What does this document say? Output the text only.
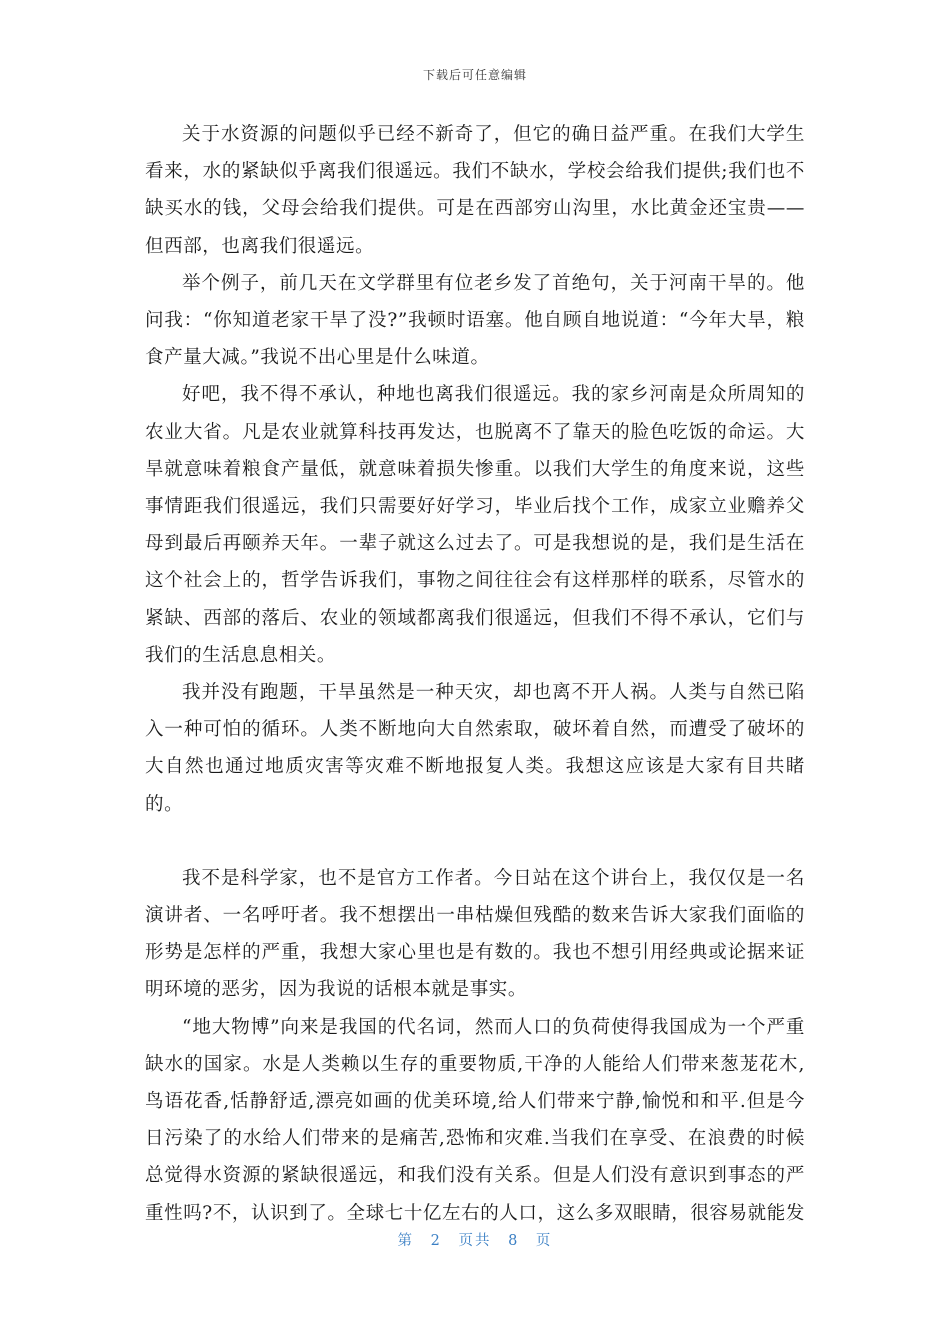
下载后可任意编辑

关于水资源的问题似乎已经不新奇了，但它的确日益严重。在我们大学生看来，水的紧缺似乎离我们很遥远。我们不缺水，学校会给我们提供;我们也不缺买水的钱，父母会给我们提供。可是在西部穷山沟里，水比黄金还宝贵——但西部，也离我们很遥远。

举个例子，前几天在文学群里有位老乡发了首绝句，关于河南干旱的。他问我：“你知道老家干旱了没?”我顿时语塞。他自顾自地说道：“今年大旱，粮食产量大减。”我说不出心里是什么味道。

好吧，我不得不承认，种地也离我们很遥远。我的家乡河南是众所周知的农业大省。凡是农业就算科技再发达，也脱离不了靠天的脸色吃饭的命运。大旱就意味着粮食产量低，就意味着损失惨重。以我们大学生的角度来说，这些事情距我们很遥远，我们只需要好好学习，毕业后找个工作，成家立业赡养父母到最后再颐养天年。一辈子就这么过去了。可是我想说的是，我们是生活在这个社会上的，哲学告诉我们，事物之间往往会有这样那样的联系，尽管水的紧缺、西部的落后、农业的领域都离我们很遥远，但我们不得不承认，它们与我们的生活息息相关。

我并没有跑题，干旱虽然是一种天灾，却也离不开人祸。人类与自然已陷入一种可怕的循环。人类不断地向大自然索取，破坏着自然，而遭受了破坏的大自然也通过地质灾害等灾难不断地报复人类。我想这应该是大家有目共睹的。

我不是科学家，也不是官方工作者。今日站在这个讲台上，我仅仅是一名演讲者、一名呼吁者。我不想摆出一串枯燥但残酷的数来告诉大家我们面临的形势是怎样的严重，我想大家心里也是有数的。我也不想引用经典或论据来证明环境的恶劣，因为我说的话根本就是事实。

“地大物博”向来是我国的代名词，然而人口的负荷使得我国成为一个严重缺水的国家。水是人类赖以生存的重要物质,干净的人能给人们带来葱茏花木,鸟语花香,恬静舒适,漂亮如画的优美环境,给人们带来宁静,愉悦和和平.但是今日污染了的水给人们带来的是痛苦,恐怖和灾难.当我们在享受、在浪费的时候总觉得水资源的紧缺很遥远，和我们没有关系。但是人们没有意识到事态的严重性吗?不，认识到了。全球七十亿左右的人口，这么多双眼睛，很容易就能发

第 2 页共 8 页
